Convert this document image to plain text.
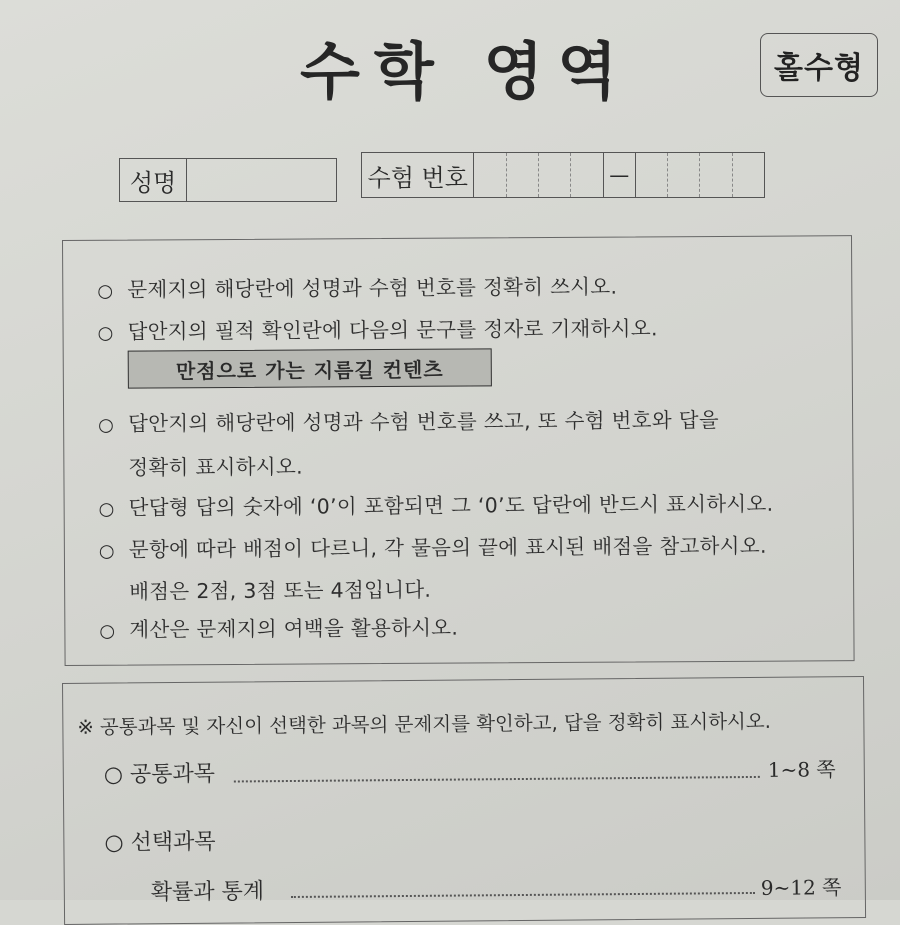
수학 영역	홀수형
성명	수험 번호	—
○ 문제지의 해당란에 성명과 수험 번호를 정확히 쓰시오.
○ 답안지의 필적 확인란에 다음의 문구를 정자로 기재하시오.
만점으로 가는 지름길 컨텐츠
○ 답안지의 해당란에 성명과 수험 번호를 쓰고, 또 수험 번호와 답을
정확히 표시하시오.
○ 단답형 답의 숫자에 ‘0’이 포함되면 그 ‘0’도 답란에 반드시 표시하시오.
○ 문항에 따라 배점이 다르니, 각 물음의 끝에 표시된 배점을 참고하시오.
배점은 2점, 3점 또는 4점입니다.
○ 계산은 문제지의 여백을 활용하시오.
※ 공통과목 및 자신이 선택한 과목의 문제지를 확인하고, 답을 정확히 표시하시오.
○ 공통과목	1~8 쪽
○ 선택과목
확률과 통계	9~12 쪽
